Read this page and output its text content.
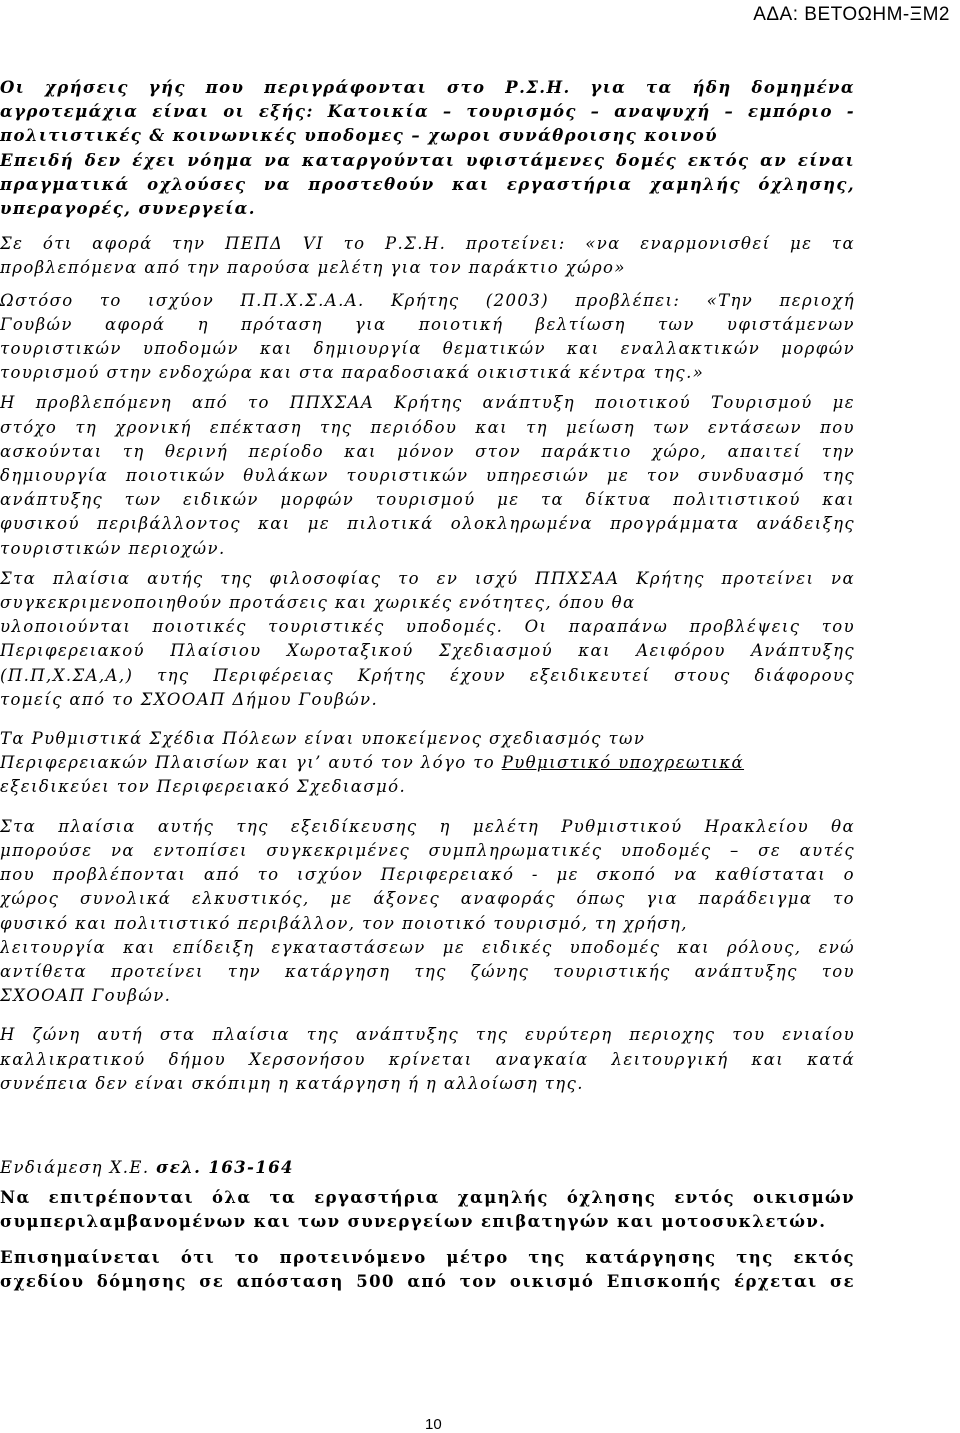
ΑΔΑ: ΒΕΤΟΩΗΜ-ΞΜ2

Οι χρήσεις γής που περιγράφονται στο Ρ.Σ.Η. για τα ήδη δομημένα

αγροτεμάχια είναι οι εξής: Κατοικία – τουρισμός – αναψυχή – εμπόριο -

πολιτιστικές & κοινωνικές υποδομες – χωροι συνάθροισης κοινού

Επειδή δεν έχει νόημα να καταργούνται υφιστάμενες δομές εκτός αν είναι

πραγματικά οχλούσες να προστεθούν και εργαστήρια χαμηλής όχλησης,

υπεραγορές, συνεργεία.

Σε ότι αφορά την ΠΕΠΔ VI το Ρ.Σ.Η. προτείνει: «να εναρμονισθεί με τα

προβλεπόμενα από την παρούσα μελέτη για τον παράκτιο χώρο»

Ωστόσο το ισχύον Π.Π.Χ.Σ.Α.Α. Κρήτης (2003) προβλέπει: «Την περιοχή

Γουβών αφορά η πρόταση για ποιοτική βελτίωση των υφιστάμενων

τουριστικών υποδομών και δημιουργία θεματικών και εναλλακτικών μορφών

τουρισμού στην ενδοχώρα και στα παραδοσιακά οικιστικά κέντρα της.»

Η προβλεπόμενη από το ΠΠΧΣΑΑ Κρήτης ανάπτυξη ποιοτικού Τουρισμού με

στόχο τη χρονική επέκταση της περιόδου και τη μείωση των εντάσεων που

ασκούνται τη θερινή περίοδο και μόνον στον παράκτιο χώρο, απαιτεί την

δημιουργία ποιοτικών θυλάκων τουριστικών υπηρεσιών με τον συνδυασμό της

ανάπτυξης των ειδικών μορφών τουρισμού με τα δίκτυα πολιτιστικού και

φυσικού περιβάλλοντος και με πιλοτικά ολοκληρωμένα προγράμματα ανάδειξης

τουριστικών περιοχών.

Στα πλαίσια αυτής της φιλοσοφίας το εν ισχύ ΠΠΧΣΑΑ Κρήτης προτείνει να

συγκεκριμενοποιηθούν προτάσεις και χωρικές ενότητες, όπου θα

υλοποιούνται ποιοτικές τουριστικές υποδομές. Οι παραπάνω προβλέψεις του

Περιφερειακού Πλαίσιου Χωροταξικού Σχεδιασμού και Αειφόρου Ανάπτυξης

(Π.Π,Χ.ΣΑ,Α,) της Περιφέρειας Κρήτης έχουν εξειδικευτεί στους διάφορους

τομείς από το ΣΧΟΟΑΠ Δήμου Γουβών.

Τα Ρυθμιστικά Σχέδια Πόλεων είναι υποκείμενος σχεδιασμός των

Περιφερειακών Πλαισίων και γι’ αυτό τον λόγο το Ρυθμιστικό υποχρεωτικά

εξειδικεύει τον Περιφερειακό Σχεδιασμό.

Στα πλαίσια αυτής της εξειδίκευσης η μελέτη Ρυθμιστικού Ηρακλείου θα

μπορούσε να εντοπίσει συγκεκριμένες συμπληρωματικές υποδομές – σε αυτές

που προβλέπονται από το ισχύον Περιφερειακό - με σκοπό να καθίσταται ο

χώρος συνολικά ελκυστικός, με άξονες αναφοράς όπως για παράδειγμα το

φυσικό και πολιτιστικό περιβάλλον, τον ποιοτικό τουρισμό, τη χρήση,

λειτουργία και επίδειξη εγκαταστάσεων με ειδικές υποδομές και ρόλους, ενώ

αντίθετα προτείνει την κατάργηση της ζώνης τουριστικής ανάπτυξης του

ΣΧΟΟΑΠ Γουβών.

Η ζώνη αυτή στα πλαίσια της ανάπτυξης της ευρύτερη περιοχης του ενιαίου

καλλικρατικού δήμου Χερσονήσου κρίνεται αναγκαία λειτουργική και κατά

συνέπεια δεν είναι σκόπιμη η κατάργηση ή η αλλοίωση της.

Ενδιάμεση Χ.Ε. σελ. 163-164

Να επιτρέπονται όλα τα εργαστήρια χαμηλής όχλησης εντός οικισμών

συμπεριλαμβανομένων και των συνεργείων επιβατηγών και μοτοσυκλετών.

Επισημαίνεται ότι το προτεινόμενο μέτρο της κατάργησης της εκτός

σχεδίου δόμησης σε απόσταση 500 από τον οικισμό Επισκοπής έρχεται σε

10
